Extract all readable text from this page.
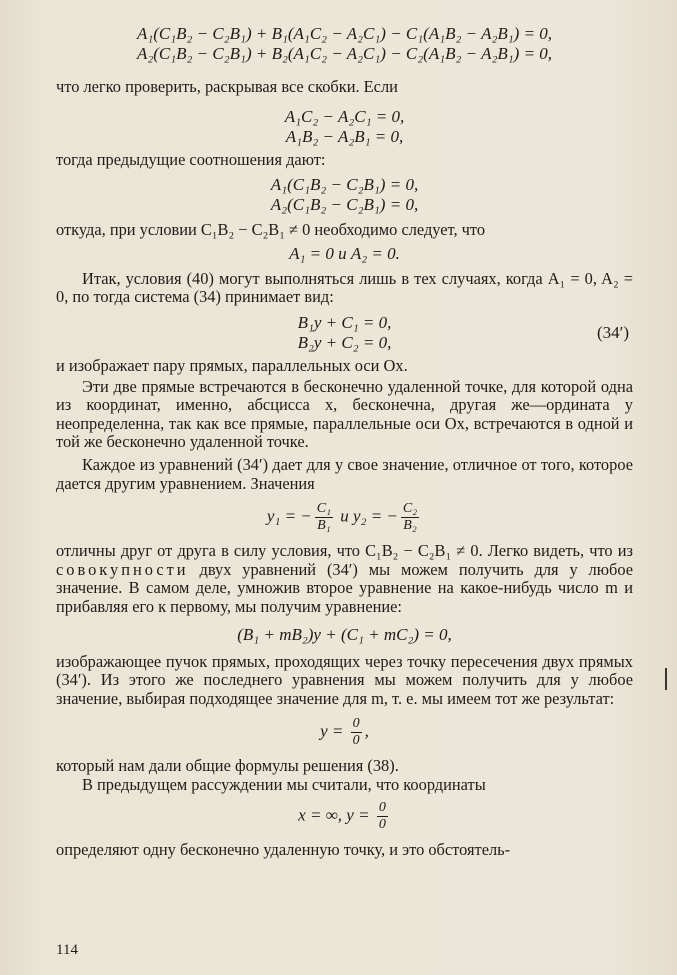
A₁(C₁B₂ − C₂B₁) + B₁(A₁C₂ − A₂C₁) − C₁(A₁B₂ − A₂B₁) = 0,

A₂(C₁B₂ − C₂B₁) + B₂(A₁C₂ − A₂C₁) − C₂(A₁B₂ − A₂B₁) = 0,

что легко проверить, раскрывая все скобки. Если

A₁C₂ − A₂C₁ = 0,

A₁B₂ − A₂B₁ = 0,

тогда предыдущие соотношения дают:

A₁(C₁B₂ − C₂B₁) = 0,

A₂(C₁B₂ − C₂B₁) = 0,

откуда, при условии C₁B₂ − C₂B₁ ≠ 0 необходимо следует, что

A₁ = 0 и A₂ = 0.

Итак, условия (40) могут выполняться лишь в тех случаях, когда A₁ = 0, A₂ = 0, по тогда система (34) принимает вид:

B₁y + C₁ = 0,

B₂y + C₂ = 0,

(34′)

и изображает пару прямых, параллельных оси Ox.

Эти две прямые встречаются в бесконечно удаленной точке, для которой одна из координат, именно, абсцисса x, бесконечна, другая же—ордината y неопределенна, так как все прямые, параллельные оси Ox, встречаются в одной и той же бесконечно удаленной точке.

Каждое из уравнений (34′) дает для y свое значение, отличное от того, которое дается другим уравнением. Значения

y₁ = − $\frac{\text{C₁}}{\text{B₁}}$ и y₂ = − $\frac{\text{C₂}}{\text{B₂}}$

отличны друг от друга в силу условия, что C₁B₂ − C₂B₁ ≠ 0. Легко видеть, что из совокупности двух уравнений (34′) мы можем получить для y любое значение. В самом деле, умножив второе уравнение на какое-нибудь число m и прибавляя его к первому, мы получим уравнение:

(B₁ + mB₂)y + (C₁ + mC₂) = 0,

изображающее пучок прямых, проходящих через точку пересечения двух прямых (34′). Из этого же последнего уравнения мы можем получить для y любое значение, выбирая подходящее значение для m, т. е. мы имеем тот же результат:

$y = \frac{0}{0}$ ,

который нам дали общие формулы решения (38).

В предыдущем рассуждении мы считали, что координаты

x = ∞, $y = \frac{0}{0}$

определяют одну бесконечно удаленную точку, и это обстоятель-

114
